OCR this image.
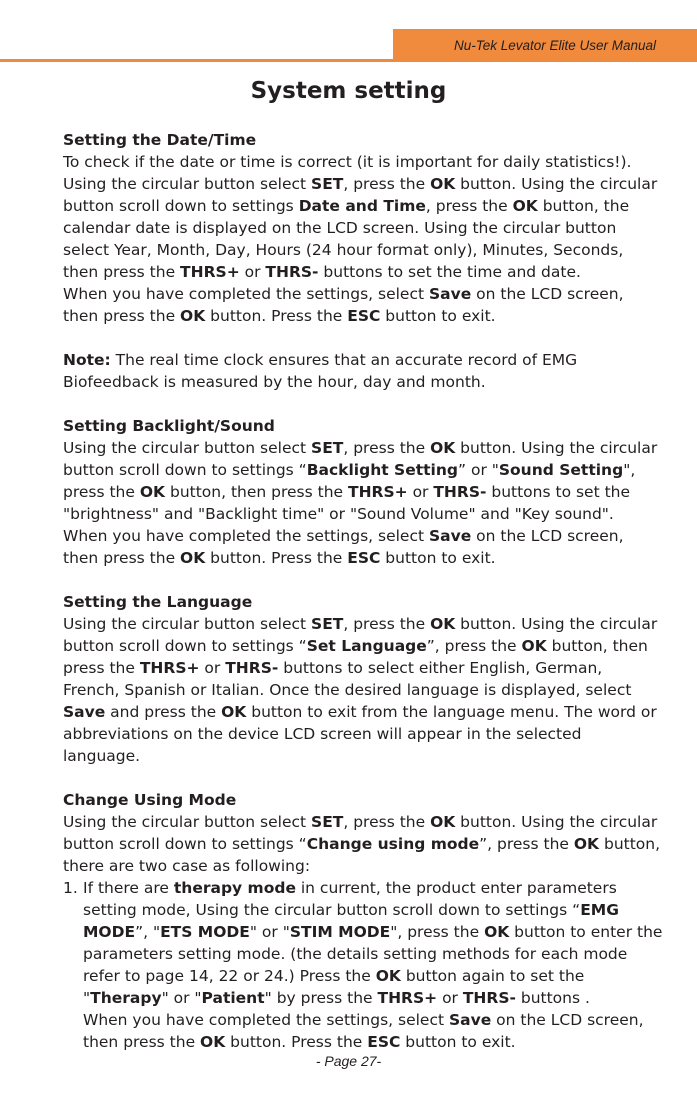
Nu-Tek Levator Elite User Manual
System setting
Setting the Date/Time

To check if the date or time is correct (it is important for daily statistics!). Using the circular button select SET, press the OK button. Using the circular button scroll down to settings Date and Time, press the OK button, the calendar date is displayed on the LCD screen. Using the circular button select Year, Month, Day, Hours (24 hour format only), Minutes, Seconds, then press the THRS+ or THRS- buttons to set the time and date.

When you have completed the settings, select Save on the LCD screen, then press the OK button. Press the ESC button to exit.

Note: The real time clock ensures that an accurate record of EMG Biofeedback is measured by the hour, day and month.

Setting Backlight/Sound

Using the circular button select SET, press the OK button. Using the circular button scroll down to settings “Backlight Setting” or "Sound Setting", press the OK button, then press the THRS+ or THRS- buttons to set the "brightness" and "Backlight time" or "Sound Volume" and "Key sound". When you have completed the settings, select Save on the LCD screen, then press the OK button. Press the ESC button to exit.

Setting the Language

Using the circular button select SET, press the OK button. Using the circular button scroll down to settings “Set Language”, press the OK button, then press the THRS+ or THRS- buttons to select either English, German, French, Spanish or Italian. Once the desired language is displayed, select Save and press the OK button to exit from the language menu. The word or abbreviations on the device LCD screen will appear in the selected language.

Change Using Mode

Using the circular button select SET, press the OK button. Using the circular button scroll down to settings “Change using mode”, press the OK button, there are two case as following:

1. If there are therapy mode in current, the product enter parameters setting mode, Using the circular button scroll down to settings “EMG MODE”, "ETS MODE" or "STIM MODE", press the OK button to enter the parameters setting mode. (the details setting methods for each mode refer to page 14, 22 or 24.) Press the OK button again to set the "Therapy" or "Patient" by press the THRS+ or THRS- buttons .

When you have completed the settings, select Save on the LCD screen, then press the OK button. Press the ESC button to exit.

- Page 27-
